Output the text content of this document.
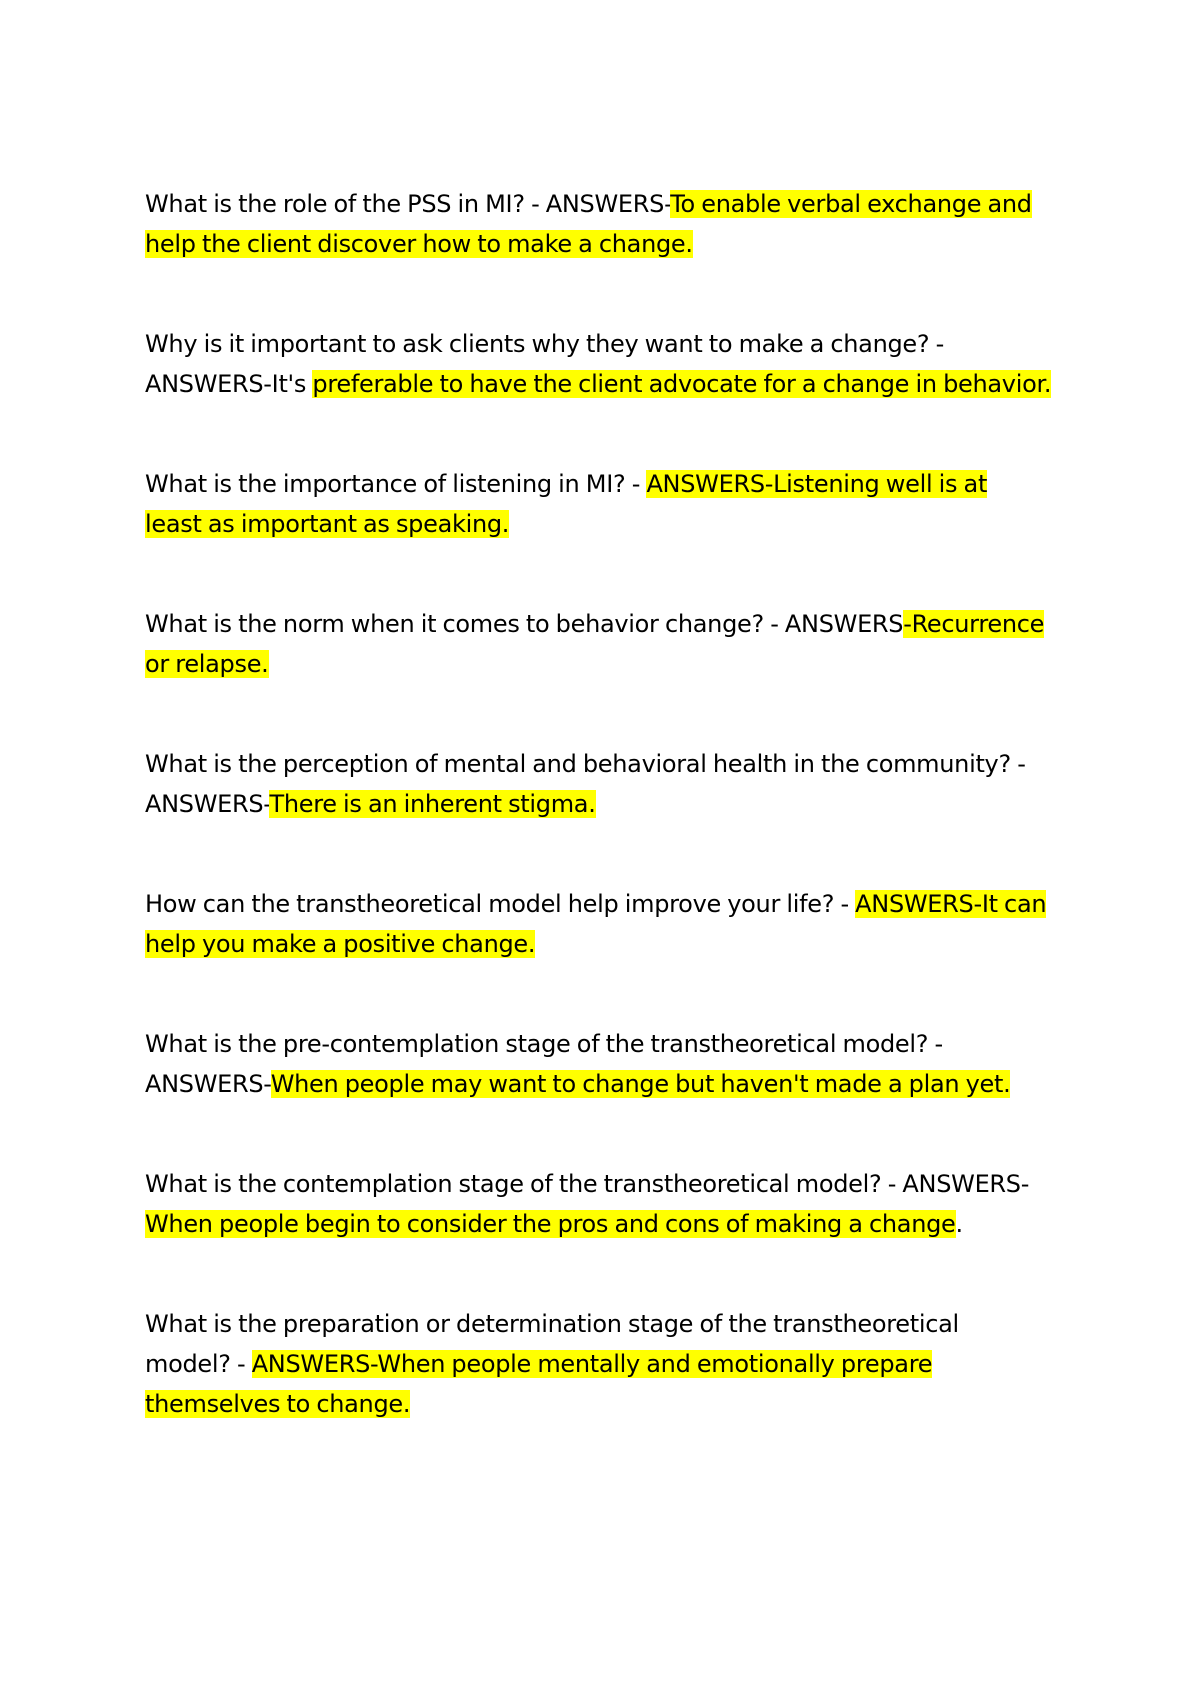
What is the role of the PSS in MI? - ANSWERS-To enable verbal exchange and
help the client discover how to make a change.
Why is it important to ask clients why they want to make a change? -
ANSWERS-It's preferable to have the client advocate for a change in behavior.
What is the importance of listening in MI? - ANSWERS-Listening well is at
least as important as speaking.
What is the norm when it comes to behavior change? - ANSWERS-Recurrence
or relapse.
What is the perception of mental and behavioral health in the community? -
ANSWERS-There is an inherent stigma.
How can the transtheoretical model help improve your life? - ANSWERS-It can
help you make a positive change.
What is the pre-contemplation stage of the transtheoretical model? -
ANSWERS-When people may want to change but haven't made a plan yet.
What is the contemplation stage of the transtheoretical model? - ANSWERS-
When people begin to consider the pros and cons of making a change.
What is the preparation or determination stage of the transtheoretical
model? - ANSWERS-When people mentally and emotionally prepare
themselves to change.
